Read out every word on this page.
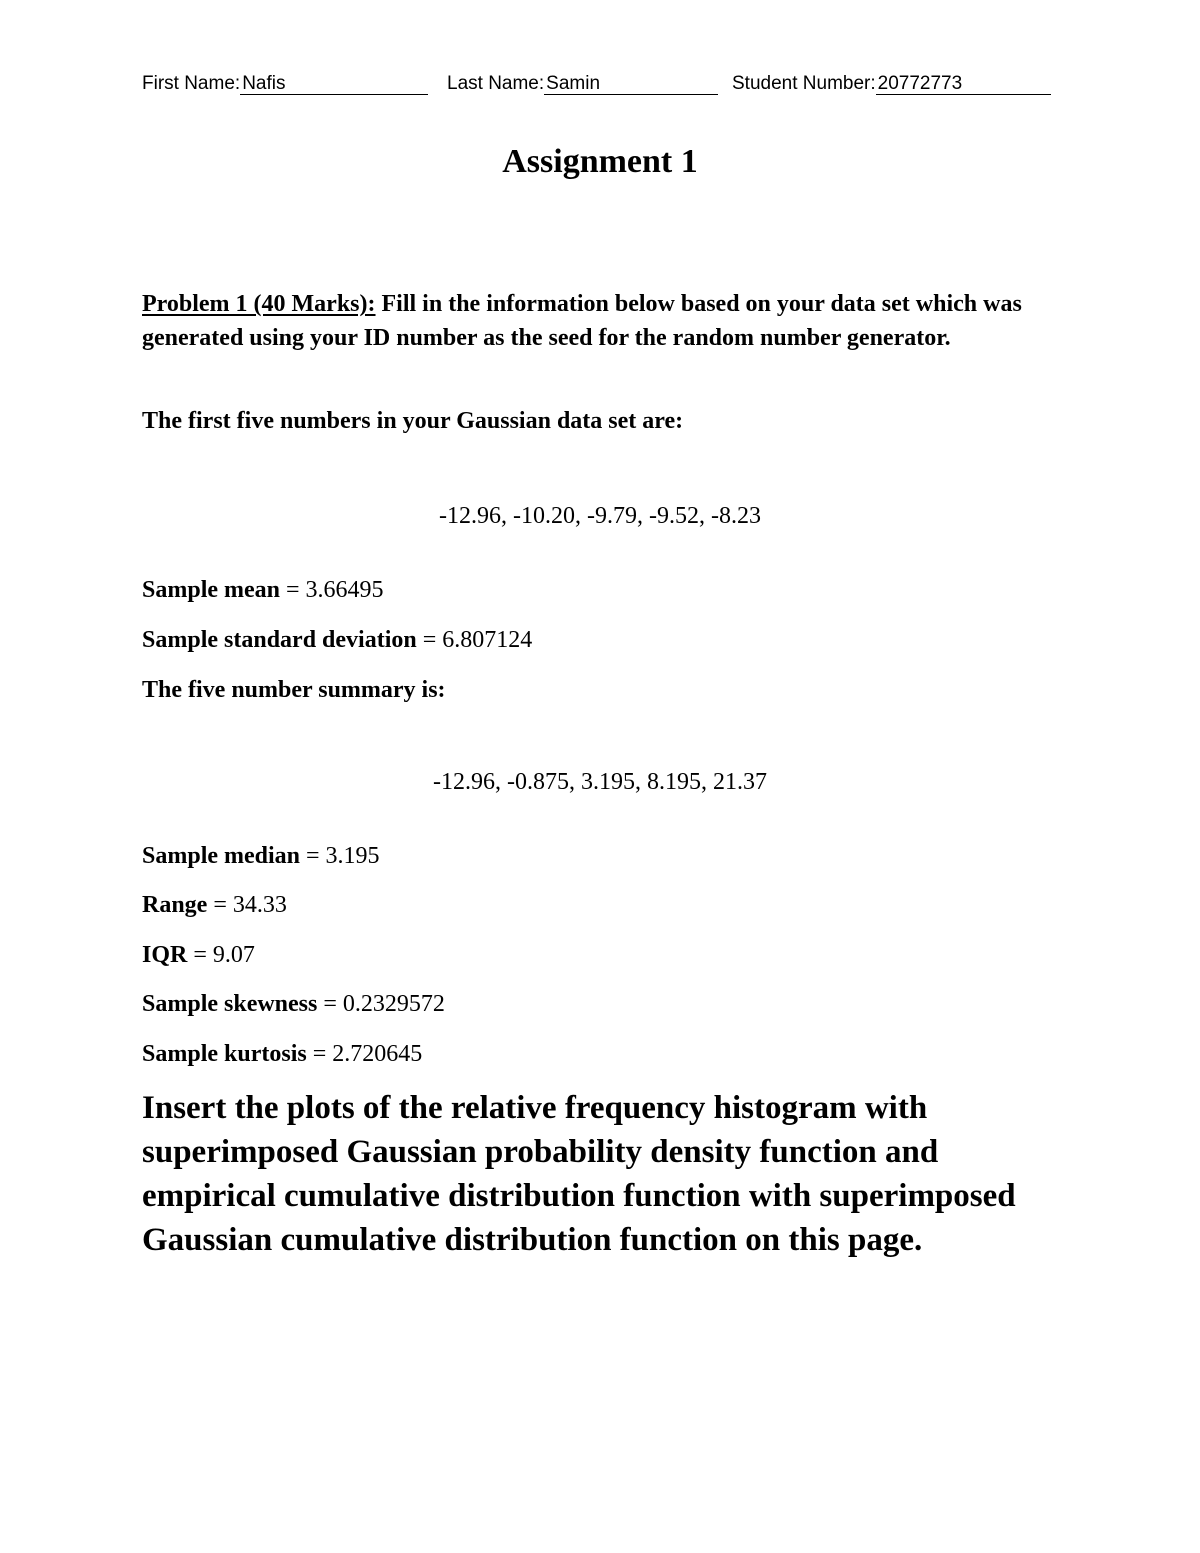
First Name: Nafis	Last Name: Samin	Student Number: 20772773
Assignment 1
Problem 1 (40 Marks): Fill in the information below based on your data set which was generated using your ID number as the seed for the random number generator.
The first five numbers in your Gaussian data set are:
-12.96, -10.20, -9.79, -9.52, -8.23
Sample mean = 3.66495
Sample standard deviation = 6.807124
The five number summary is:
-12.96, -0.875, 3.195, 8.195, 21.37
Sample median = 3.195
Range = 34.33
IQR = 9.07
Sample skewness = 0.2329572
Sample kurtosis = 2.720645
Insert the plots of the relative frequency histogram with superimposed Gaussian probability density function and empirical cumulative distribution function with superimposed Gaussian cumulative distribution function on this page.
